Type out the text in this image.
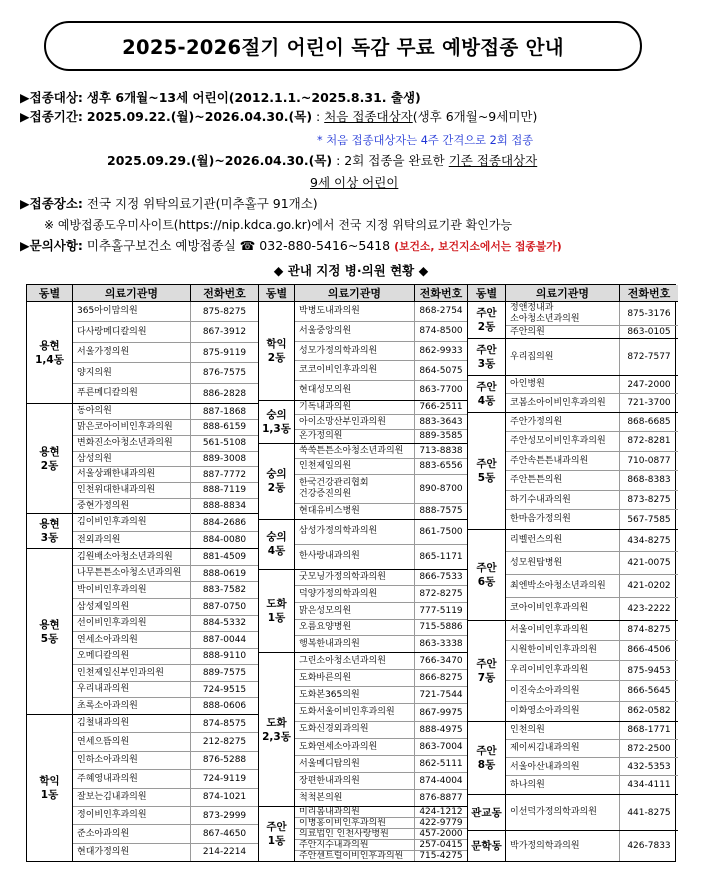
2025-2026절기 어린이 독감 무료 예방접종 안내
▶접종대상: 생후 6개월~13세 어린이(2012.1.1.~2025.8.31. 출생)
▶접종기간: 2025.09.22.(월)~2026.04.30.(목) : 처음 접종대상자(생후 6개월~9세미만)
* 처음 접종대상자는 4주 간격으로 2회 접종
2025.09.29.(월)~2026.04.30.(목) : 2회 접종을 완료한 기존 접종대상자
9세 이상 어린이
▶접종장소: 전국 지정 위탁의료기관(미추홀구 91개소)
※ 예방접종도우미사이트(https://nip.kdca.go.kr)에서 전국 지정 위탁의료기관 확인가능
▶문의사항: 미추홀구보건소 예방접종실 ☎ 032-880-5416~5418 (보건소, 보건지소에서는 접종불가)
◆ 관내 지정 병·의원 현황 ◆
동별	의료기관명	전화번호
용현
1,4동
365아이맘의원	875-8275
다사랑메디칼의원	867-3912
서울가정의원	875-9119
양지의원	876-7575
푸른메디칼의원	886-2828
용현
2동
동아의원	887-1868
맑은코아이비인후과의원	888-6159
변화진소아청소년과의원	561-5108
삼성의원	889-3008
서울상쾌한내과의원	887-7772
인천위대한내과의원	888-7119
중현가정의원	888-8834
용현
3동
김이비인후과의원	884-2686
전외과의원	884-0080
용현
5동
김원배소아청소년과의원	881-4509
나무튼튼소아청소년과의원	888-0619
박이비인후과의원	883-7582
삼성제일의원	887-0750
선이비인후과의원	884-5332
연세소아과의원	887-0044
오메디칼의원	888-9110
인천제일신부인과의원	889-7575
우리내과의원	724-9515
초록소아과의원	888-0606
학익
1동
김철내과의원	874-8575
연세으뜸의원	212-8275
인하소아과의원	876-5288
주혜영내과의원	724-9119
잘보는김내과의원	874-1021
정이비인후과의원	873-2999
준소아과의원	867-4650
현대가정의원	214-2214
동별	의료기관명	전화번호
학익
2동
박병도내과의원	868-2754
서울중앙의원	874-8500
성모가정의학과의원	862-9933
코코이비인후과의원	864-5075
현대성모의원	863-7700
숭의
1,3동
기독내과의원	766-2511
아이소망산부인과의원	883-3643
온가정의원	889-3585
숭의
2동
쑥쑥튼튼소아청소년과의원	713-8838
인천제일의원	883-6556
한국건강관리협회
건강증진의원	890-8700
현대유비스병원	888-7575
숭의
4동
삼성가정의학과의원	861-7500
한사랑내과의원	865-1171
도화
1동
굿모닝가정의학과의원	866-7533
덕양가정의학과의원	872-8275
맑은성모의원	777-5119
오름요양병원	715-5886
행복한내과의원	863-3338
도화
2,3동
그린소아청소년과의원	766-3470
도화바른의원	866-8275
도화본365의원	721-7544
도화서울이비인후과의원	867-9975
도화신경외과의원	888-4975
도화연세소아과의원	863-7004
서울메디탑의원	862-5111
장편한내과의원	874-4004
척척본의원	876-8877
주안
1동
미리봄내과의원	424-1212
이병홍이비인후과의원	422-9779
의료법인 인천사랑병원	457-2000
주안지수내과의원	257-0415
주안센트럴이비인후과의원	715-4275
동별	의료기관명	전화번호
주안
2동
정앤정내과
소아청소년과의원	875-3176
주안의원	863-0105
주안
3동
우리집의원	872-7577
주안
4동
아인병원	247-2000
코봄소아이비인후과의원	721-3700
주안
5동
주안가정의원	868-6685
주안성모이비인후과의원	872-8281
주안속튼튼내과의원	710-0877
주안튼튼의원	868-8383
하기수내과의원	873-8275
한마음가정의원	567-7585
주안
6동
리벨런스의원	434-8275
성모원탑병원	421-0075
최엔박소아청소년과의원	421-0202
코아이비인후과의원	423-2222
주안
7동
서울이비인후과의원	874-8275
시원한이비인후과의원	866-4506
우리이비인후과의원	875-9453
이진숙소아과의원	866-5645
이화영소아과의원	862-0582
주안
8동
인천의원	868-1771
제이씨김내과의원	872-2500
서울아산내과의원	432-5353
하나의원	434-4111
관교동 이선덕가정의학과의원	441-8275
문학동 박가정의학과의원	426-7833
